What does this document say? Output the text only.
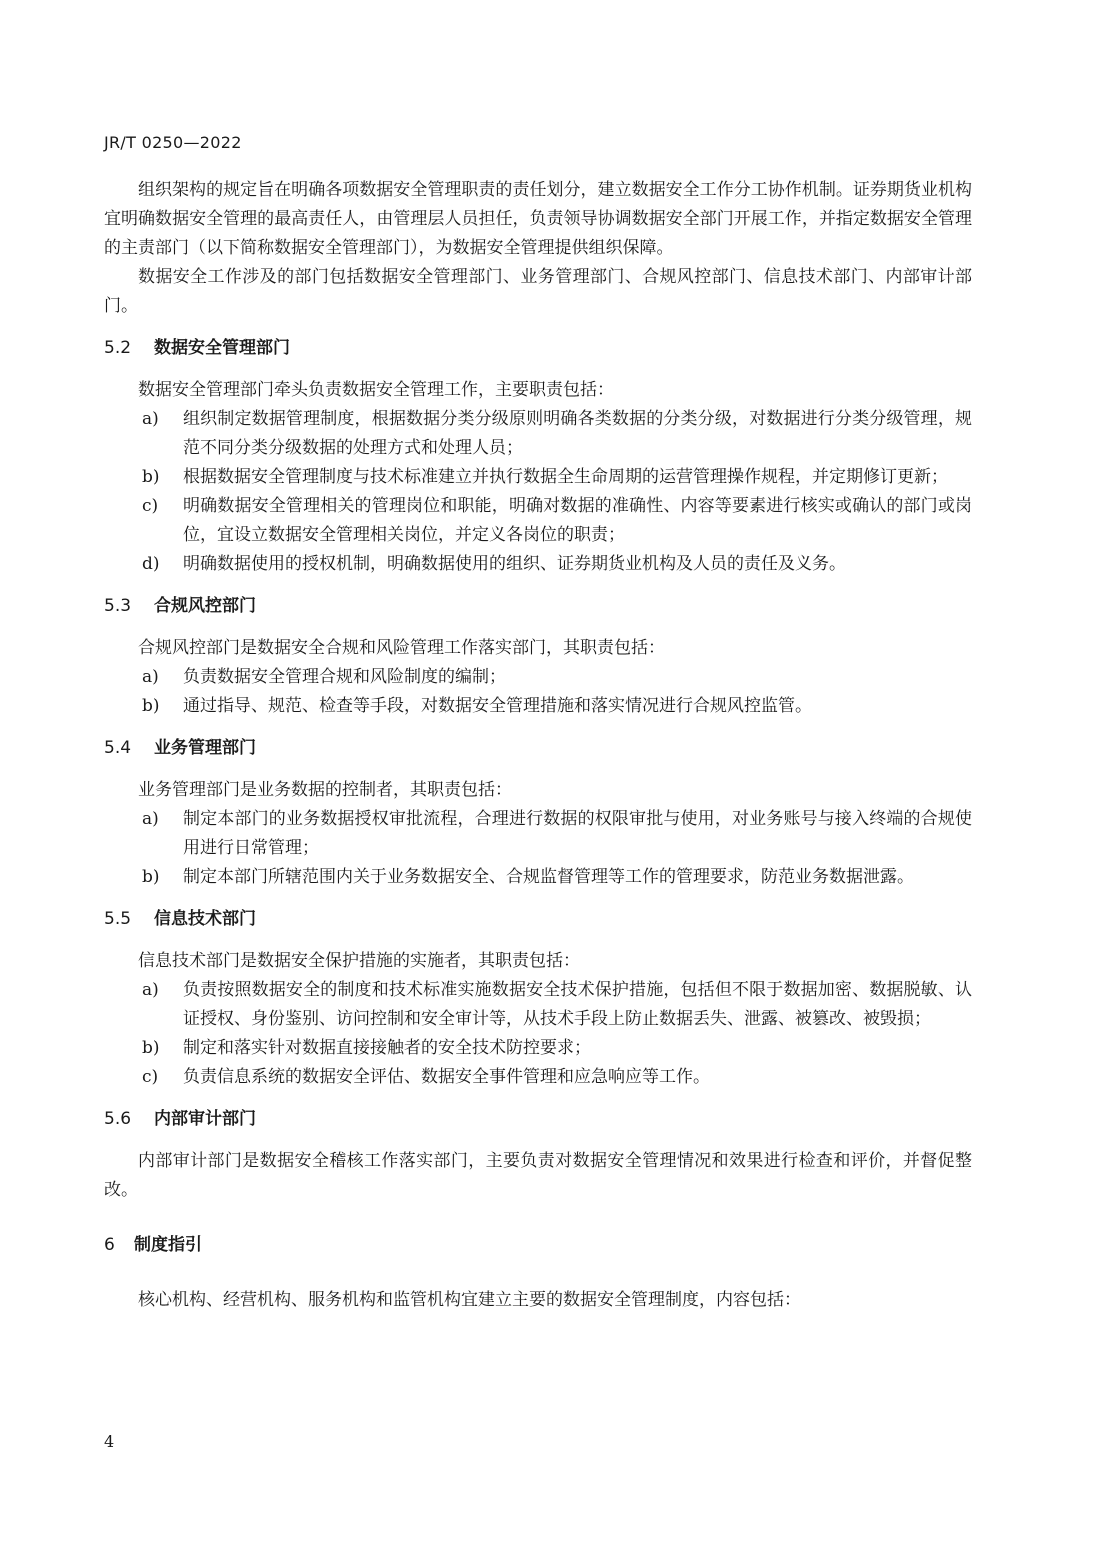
JR/T 0250—2022

组织架构的规定旨在明确各项数据安全管理职责的责任划分，建立数据安全工作分工协作机制。证券期货业机构宜明确数据安全管理的最高责任人，由管理层人员担任，负责领导协调数据安全部门开展工作，并指定数据安全管理的主责部门（以下简称数据安全管理部门），为数据安全管理提供组织保障。

数据安全工作涉及的部门包括数据安全管理部门、业务管理部门、合规风控部门、信息技术部门、内部审计部门。

5.2 数据安全管理部门

数据安全管理部门牵头负责数据安全管理工作，主要职责包括：

a) 组织制定数据管理制度，根据数据分类分级原则明确各类数据的分类分级，对数据进行分类分级管理，规范不同分类分级数据的处理方式和处理人员；

b) 根据数据安全管理制度与技术标准建立并执行数据全生命周期的运营管理操作规程，并定期修订更新；

c) 明确数据安全管理相关的管理岗位和职能，明确对数据的准确性、内容等要素进行核实或确认的部门或岗位，宜设立数据安全管理相关岗位，并定义各岗位的职责；

d) 明确数据使用的授权机制，明确数据使用的组织、证券期货业机构及人员的责任及义务。

5.3 合规风控部门

合规风控部门是数据安全合规和风险管理工作落实部门，其职责包括：

a) 负责数据安全管理合规和风险制度的编制；

b) 通过指导、规范、检查等手段，对数据安全管理措施和落实情况进行合规风控监管。

5.4 业务管理部门

业务管理部门是业务数据的控制者，其职责包括：

a) 制定本部门的业务数据授权审批流程，合理进行数据的权限审批与使用，对业务账号与接入终端的合规使用进行日常管理；

b) 制定本部门所辖范围内关于业务数据安全、合规监督管理等工作的管理要求，防范业务数据泄露。

5.5 信息技术部门

信息技术部门是数据安全保护措施的实施者，其职责包括：

a) 负责按照数据安全的制度和技术标准实施数据安全技术保护措施，包括但不限于数据加密、数据脱敏、认证授权、身份鉴别、访问控制和安全审计等，从技术手段上防止数据丢失、泄露、被篡改、被毁损；

b) 制定和落实针对数据直接接触者的安全技术防控要求；

c) 负责信息系统的数据安全评估、数据安全事件管理和应急响应等工作。

5.6 内部审计部门

内部审计部门是数据安全稽核工作落实部门，主要负责对数据安全管理情况和效果进行检查和评价，并督促整改。

6 制度指引

核心机构、经营机构、服务机构和监管机构宜建立主要的数据安全管理制度，内容包括：

4
